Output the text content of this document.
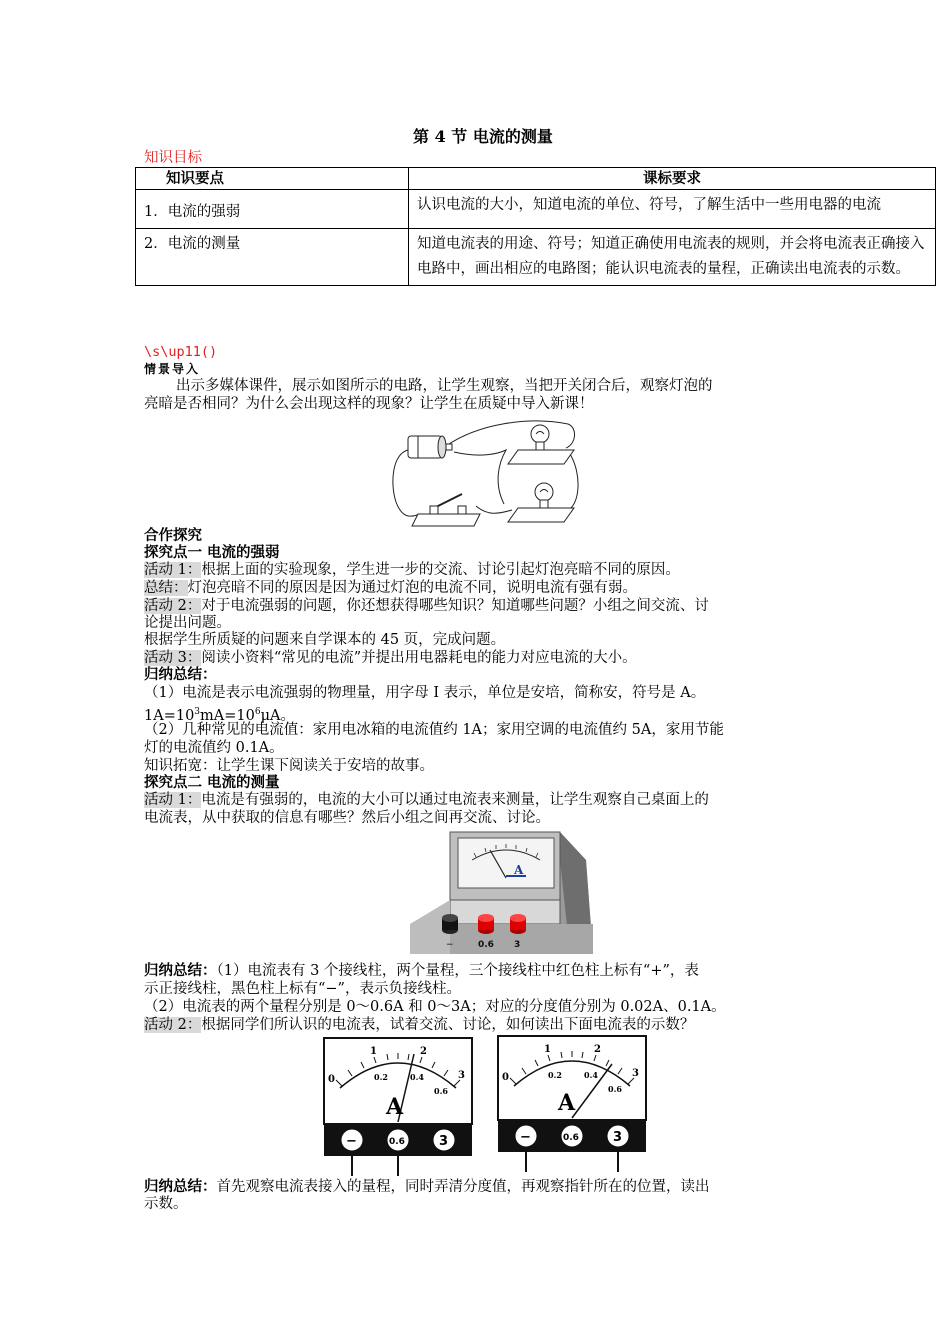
第 4 节 电流的测量
知识目标
知识要点	课标要求
1．电流的强弱	认识电流的大小，知道电流的单位、符号，了解生活中一些用电器的电流
2．电流的测量	知道电流表的用途、符号；知道正确使用电流表的规则，并会将电流表正确接入电路中，画出相应的电路图；能认识电流表的量程，正确读出电流表的示数。
\s\up11()
情景导入
出示多媒体课件，展示如图所示的电路，让学生观察，当把开关闭合后，观察灯泡的
亮暗是否相同？为什么会出现这样的现象？让学生在质疑中导入新课！
合作探究
探究点一 电流的强弱
活动 1：根据上面的实验现象，学生进一步的交流、讨论引起灯泡亮暗不同的原因。
总结：灯泡亮暗不同的原因是因为通过灯泡的电流不同，说明电流有强有弱。
活动 2：对于电流强弱的问题，你还想获得哪些知识？知道哪些问题？小组之间交流、讨
论提出问题。
根据学生所质疑的问题来自学课本的 45 页，完成问题。
活动 3：阅读小资料“常见的电流”并提出用电器耗电的能力对应电流的大小。
归纳总结：
（1）电流是表示电流强弱的物理量，用字母 I 表示，单位是安培，简称安，符号是 A。
$1A=10^3mA=10^6\mu A$。
（2）几种常见的电流值：家用电冰箱的电流值约 1A；家用空调的电流值约 5A，家用节能
灯的电流值约 0.1A。
知识拓宽：让学生课下阅读关于安培的故事。
探究点二 电流的测量
活动 1：电流是有强弱的，电流的大小可以通过电流表来测量，让学生观察自己桌面上的
电流表，从中获取的信息有哪些？然后小组之间再交流、讨论。
A
−	0.6 3
归纳总结：（1）电流表有 3 个接线柱，两个量程，三个接线柱中红色柱上标有“+”，表
示正接线柱，黑色柱上标有“−”，表示负接线柱。
（2）电流表的两个量程分别是 0～0.6A 和 0～3A；对应的分度值分别为 0.02A、0.1A。
活动 2：根据同学们所认识的电流表，试着交流、讨论，如何读出下面电流表的示数？
0
1	2
3
0.2	0.4
0.6
A
−	0.6	3
0
1	2
3
0.2	0.4
0.6
A
−	0.6	3
归纳总结：首先观察电流表接入的量程，同时弄清分度值，再观察指针所在的位置，读出
示数。
